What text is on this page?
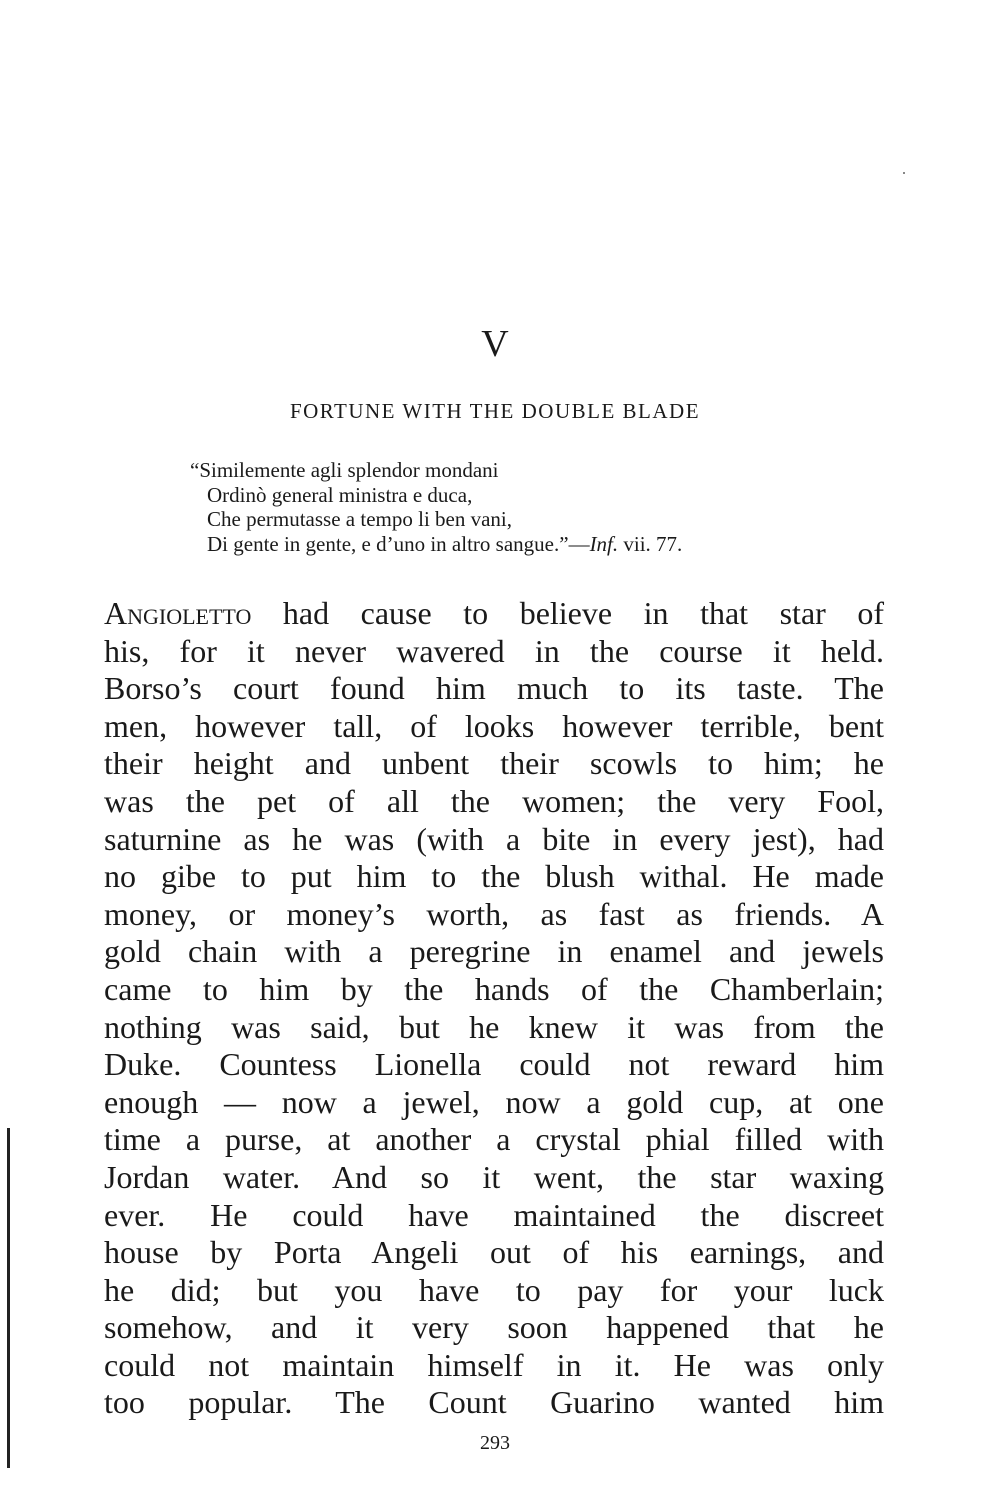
V
FORTUNE WITH THE DOUBLE BLADE
“Similemente agli splendor mondani
Ordinò general ministra e duca,
Che permutasse a tempo li ben vani,
Di gente in gente, e d’uno in altro sangue.”—Inf. vii. 77.
Angioletto had cause to believe in that star of
his, for it never wavered in the course it held.
Borso’s court found him much to its taste. The
men, however tall, of looks however terrible, bent
their height and unbent their scowls to him; he
was the pet of all the women; the very Fool,
saturnine as he was (with a bite in every jest), had
no gibe to put him to the blush withal. He made
money, or money’s worth, as fast as friends. A
gold chain with a peregrine in enamel and jewels
came to him by the hands of the Chamberlain;
nothing was said, but he knew it was from the
Duke. Countess Lionella could not reward him
enough — now a jewel, now a gold cup, at one
time a purse, at another a crystal phial filled with
Jordan water. And so it went, the star waxing
ever. He could have maintained the discreet
house by Porta Angeli out of his earnings, and
he did; but you have to pay for your luck
somehow, and it very soon happened that he
could not maintain himself in it. He was only
too popular. The Count Guarino wanted him

293
